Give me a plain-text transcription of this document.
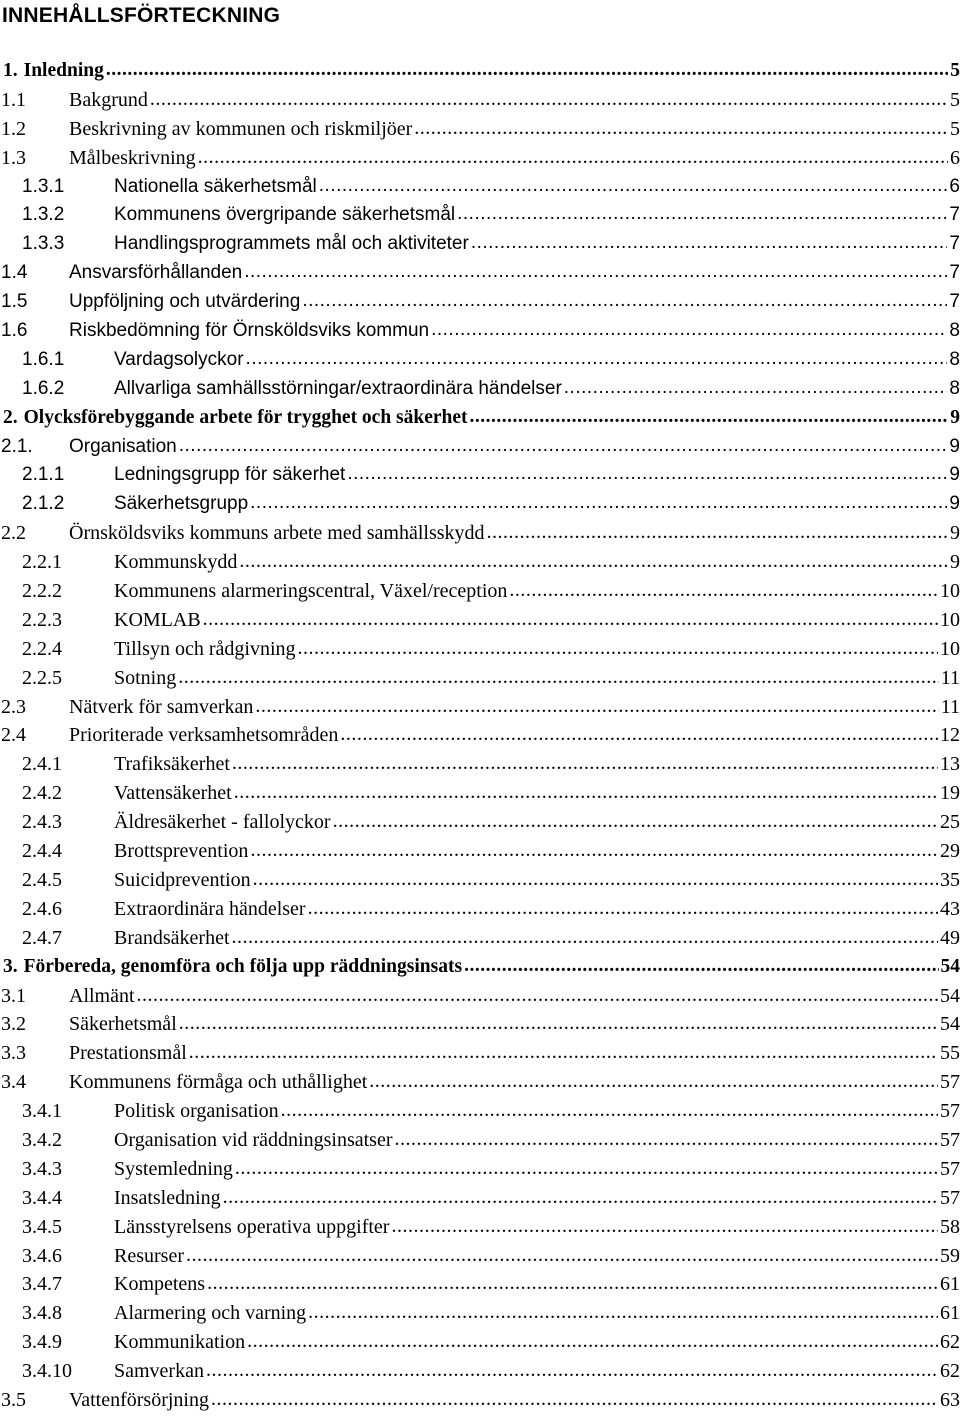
INNEHÅLLSFÖRTECKNING
1. Inledning .....	5
1.1	Bakgrund .....	5
1.2	Beskrivning av kommunen och riskmiljöer .....	5
1.3	Målbeskrivning .....	6
1.3.1	Nationella säkerhetsmål .....	6
1.3.2	Kommunens övergripande säkerhetsmål .....	7
1.3.3	Handlingsprogrammets mål och aktiviteter .....	7
1.4	Ansvarsförhållanden .....	7
1.5	Uppföljning och utvärdering .....	7
1.6	Riskbedömning för Örnsköldsviks kommun .....	8
1.6.1	Vardagsolyckor .....	8
1.6.2	Allvarliga samhällsstörningar/extraordinära händelser .....	8
2. Olycksförebyggande arbete för trygghet och säkerhet .....	9
2.1.	Organisation .....	9
2.1.1	Ledningsgrupp för säkerhet .....	9
2.1.2	Säkerhetsgrupp .....	9
2.2	Örnsköldsviks kommuns arbete med samhällsskydd .....	9
2.2.1	Kommunskydd .....	9
2.2.2	Kommunens alarmeringscentral, Växel/reception .....	10
2.2.3	KOMLAB .....	10
2.2.4	Tillsyn och rådgivning .....	10
2.2.5	Sotning .....	11
2.3	Nätverk för samverkan .....	11
2.4	Prioriterade verksamhetsområden .....	12
2.4.1	Trafiksäkerhet .....	13
2.4.2	Vattensäkerhet .....	19
2.4.3	Äldresäkerhet - fallolyckor .....	25
2.4.4	Brottsprevention .....	29
2.4.5	Suicidprevention .....	35
2.4.6	Extraordinära händelser .....	43
2.4.7	Brandsäkerhet .....	49
3. Förbereda, genomföra och följa upp räddningsinsats .....	54
3.1	Allmänt .....	54
3.2	Säkerhetsmål .....	54
3.3	Prestationsmål .....	55
3.4	Kommunens förmåga och uthållighet .....	57
3.4.1	Politisk organisation .....	57
3.4.2	Organisation vid räddningsinsatser .....	57
3.4.3	Systemledning .....	57
3.4.4	Insatsledning .....	57
3.4.5	Länsstyrelsens operativa uppgifter .....	58
3.4.6	Resurser .....	59
3.4.7	Kompetens .....	61
3.4.8	Alarmering och varning .....	61
3.4.9	Kommunikation .....	62
3.4.10	Samverkan .....	62
3.5	Vattenförsörjning .....	63
